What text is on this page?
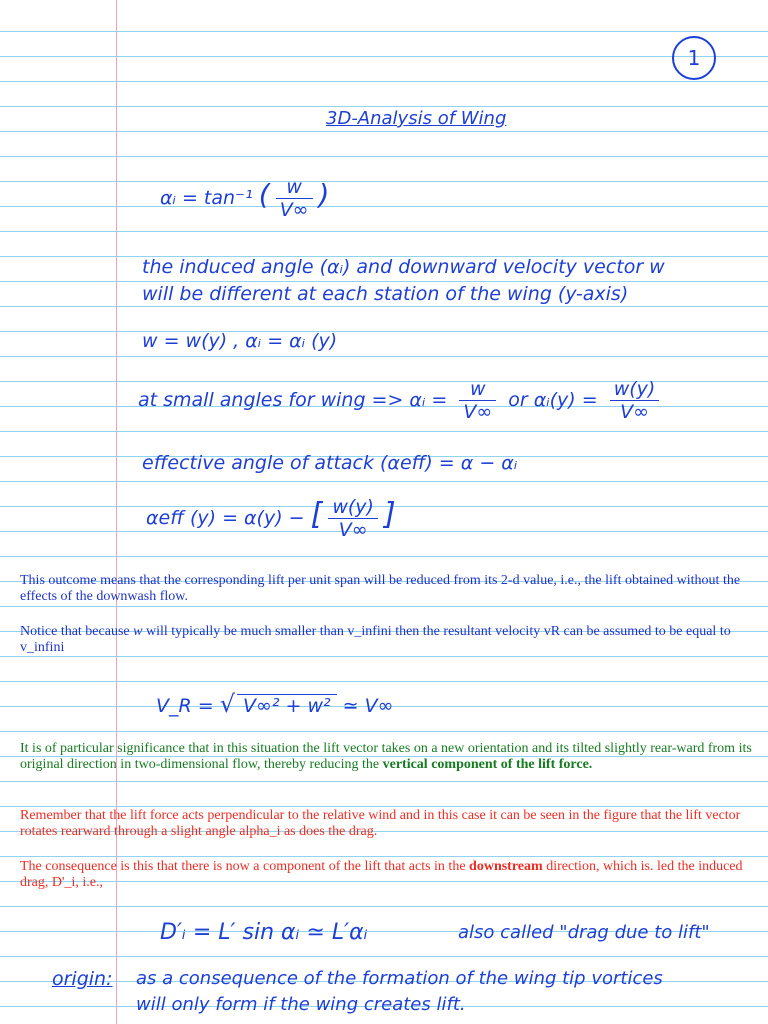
1
3D-Analysis of Wing
αᵢ = tan⁻¹ ( $\frac{w}{V\infty}$ )
the induced angle (αᵢ) and downward velocity vector w
will be different at each station of the wing (y-axis)
w = w(y) , αᵢ = αᵢ (y)
at small angles for wing => αᵢ = $\frac{w}{V\infty}$ or αᵢ(y) = $\frac{w(y)}{V\infty}$
effective angle of attack (αeff) = α − αᵢ
αeff (y) = α(y) − [ $\frac{w(y)}{V\infty}$ ]
This outcome means that the corresponding lift per unit span will be reduced from its 2-d value, i.e., the lift obtained without the effects of the downwash flow.
Notice that because w will typically be much smaller than v_infini then the resultant velocity vR can be assumed to be equal to v_infini
V_R = √ V∞² + w² ≃ V∞
It is of particular significance that in this situation the lift vector takes on a new orientation and its tilted slightly rear-ward from its original direction in two-dimensional flow, thereby reducing the vertical component of the lift force.
Remember that the lift force acts perpendicular to the relative wind and in this case it can be seen in the figure that the lift vector rotates rearward through a slight angle alpha_i as does the drag.
The consequence is this that there is now a component of the lift that acts in the downstream direction, which is. led the induced drag, D'_i, i.e.,
D′ᵢ = L′ sin αᵢ ≃ L′αᵢ	also called "drag due to lift"
origin: as a consequence of the formation of the wing tip vortices
will only form if the wing creates lift.
